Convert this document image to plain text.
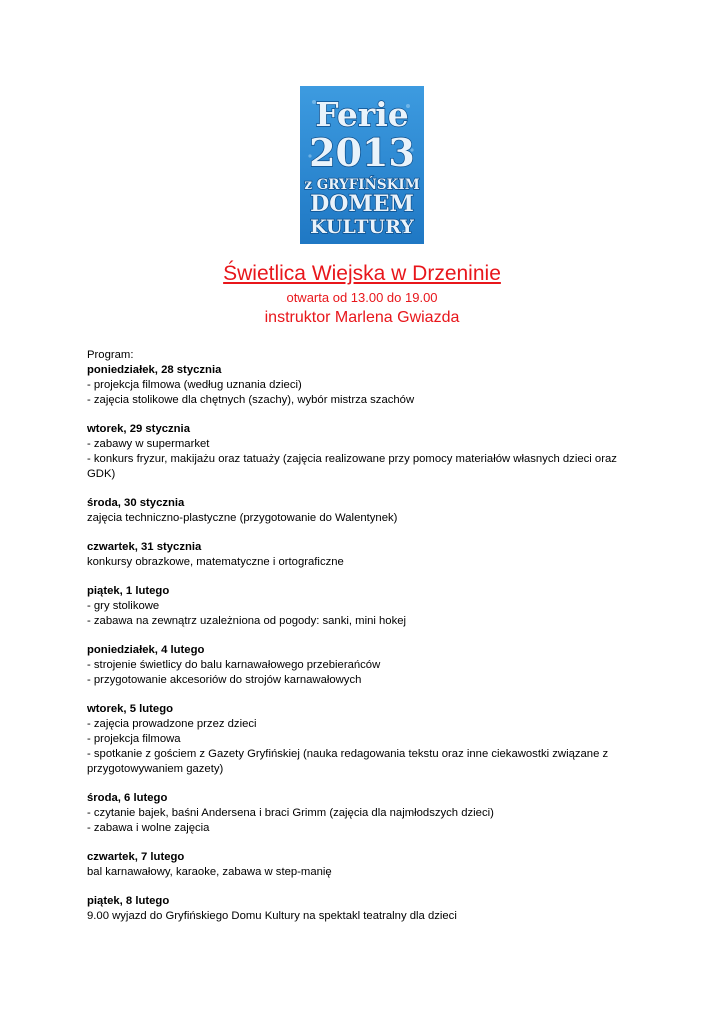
Ferie
2013
z GRYFIŃSKIM
DOMEM
KULTURY
Świetlica Wiejska w Drzeninie
otwarta od 13.00 do 19.00
instruktor Marlena Gwiazda

Program:

poniedziałek, 28 stycznia

- projekcja filmowa (według uznania dzieci)

- zajęcia stolikowe dla chętnych (szachy), wybór mistrza szachów

wtorek, 29 stycznia

- zabawy w supermarket

- konkurs fryzur, makijażu oraz tatuaży (zajęcia realizowane przy pomocy materiałów własnych dzieci oraz GDK)

środa, 30 stycznia

zajęcia techniczno-plastyczne (przygotowanie do Walentynek)

czwartek, 31 stycznia

konkursy obrazkowe, matematyczne i ortograficzne

piątek, 1 lutego

- gry stolikowe

- zabawa na zewnątrz uzależniona od pogody: sanki, mini hokej

poniedziałek, 4 lutego

- strojenie świetlicy do balu karnawałowego przebierańców

- przygotowanie akcesoriów do strojów karnawałowych

wtorek, 5 lutego

- zajęcia prowadzone przez dzieci

- projekcja filmowa

- spotkanie z gościem z Gazety Gryfińskiej (nauka redagowania tekstu oraz inne ciekawostki związane z

przygotowywaniem gazety)

środa, 6 lutego

- czytanie bajek, baśni Andersena i braci Grimm (zajęcia dla najmłodszych dzieci)

- zabawa i wolne zajęcia

czwartek, 7 lutego

bal karnawałowy, karaoke, zabawa w step-manię

piątek, 8 lutego

9.00 wyjazd do Gryfińskiego Domu Kultury na spektakl teatralny dla dzieci
